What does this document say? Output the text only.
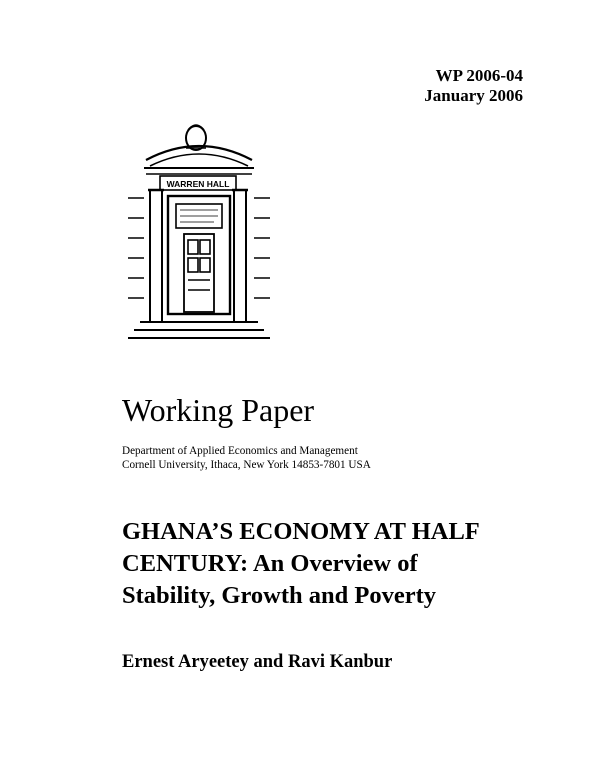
WP 2006-04
January 2006
WARREN HALL
Working Paper
Department of Applied Economics and Management
Cornell University, Ithaca, New York 14853-7801 USA
GHANA’S ECONOMY AT HALF
CENTURY: An Overview of
Stability, Growth and Poverty
Ernest Aryeetey and Ravi Kanbur
